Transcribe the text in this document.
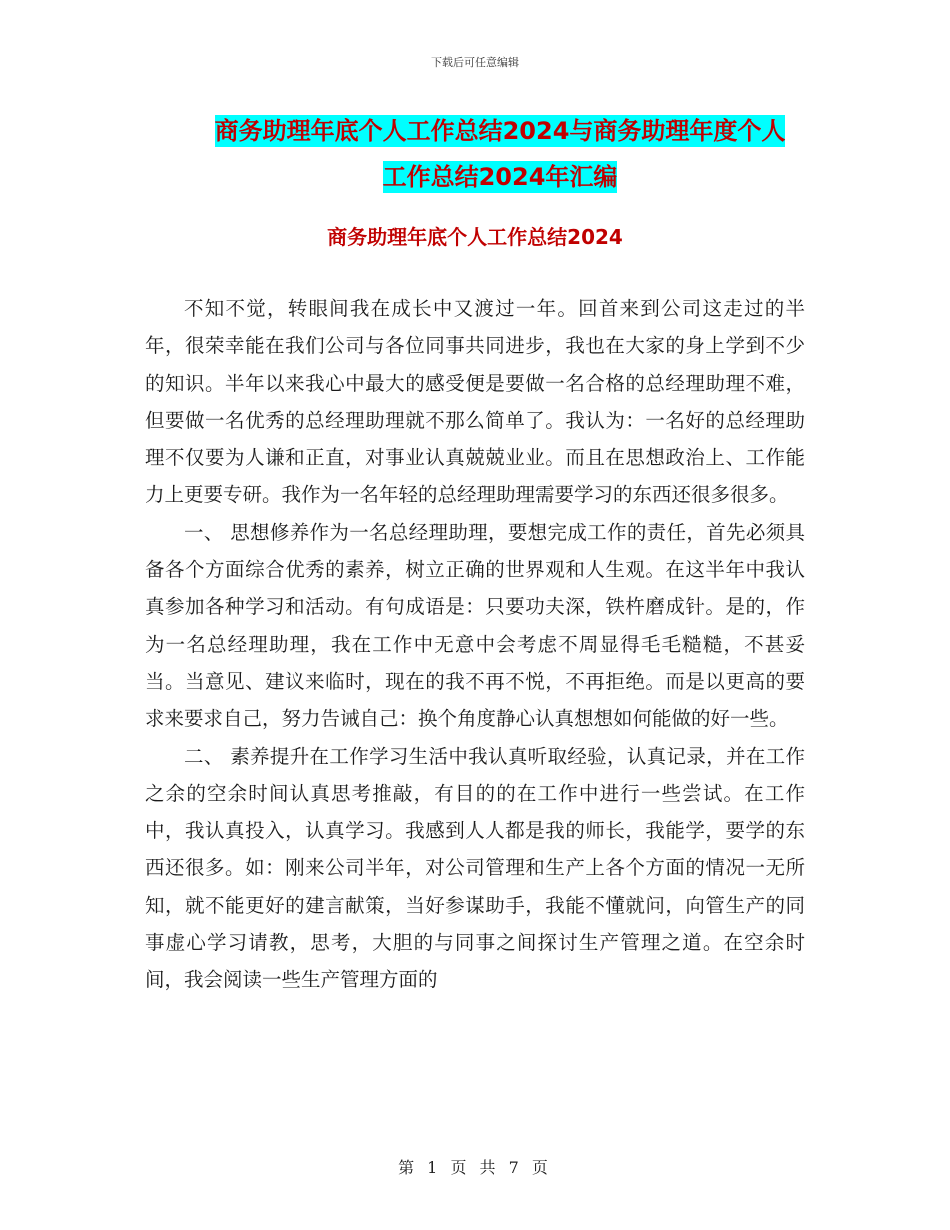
下载后可任意编辑
商务助理年底个人工作总结2024与商务助理年度个人
工作总结2024年汇编
商务助理年底个人工作总结2024

不知不觉，转眼间我在成长中又渡过一年。回首来到公司这走过的半年，很荣幸能在我们公司与各位同事共同进步，我也在大家的身上学到不少的知识。半年以来我心中最大的感受便是要做一名合格的总经理助理不难，但要做一名优秀的总经理助理就不那么简单了。我认为：一名好的总经理助理不仅要为人谦和正直，对事业认真兢兢业业。而且在思想政治上、工作能力上更要专研。我作为一名年轻的总经理助理需要学习的东西还很多很多。

一、 思想修养作为一名总经理助理，要想完成工作的责任，首先必须具备各个方面综合优秀的素养，树立正确的世界观和人生观。在这半年中我认真参加各种学习和活动。有句成语是：只要功夫深，铁杵磨成针。是的，作为一名总经理助理，我在工作中无意中会考虑不周显得毛毛糙糙，不甚妥当。当意见、建议来临时，现在的我不再不悦，不再拒绝。而是以更高的要求来要求自己，努力告诫自己：换个角度静心认真想想如何能做的好一些。

二、 素养提升在工作学习生活中我认真听取经验，认真记录，并在工作之余的空余时间认真思考推敲，有目的的在工作中进行一些尝试。在工作中，我认真投入，认真学习。我感到人人都是我的师长，我能学，要学的东西还很多。如：刚来公司半年，对公司管理和生产上各个方面的情况一无所知，就不能更好的建言献策，当好参谋助手，我能不懂就问，向管生产的同事虚心学习请教，思考，大胆的与同事之间探讨生产管理之道。在空余时间，我会阅读一些生产管理方面的

第 1 页 共 7 页
